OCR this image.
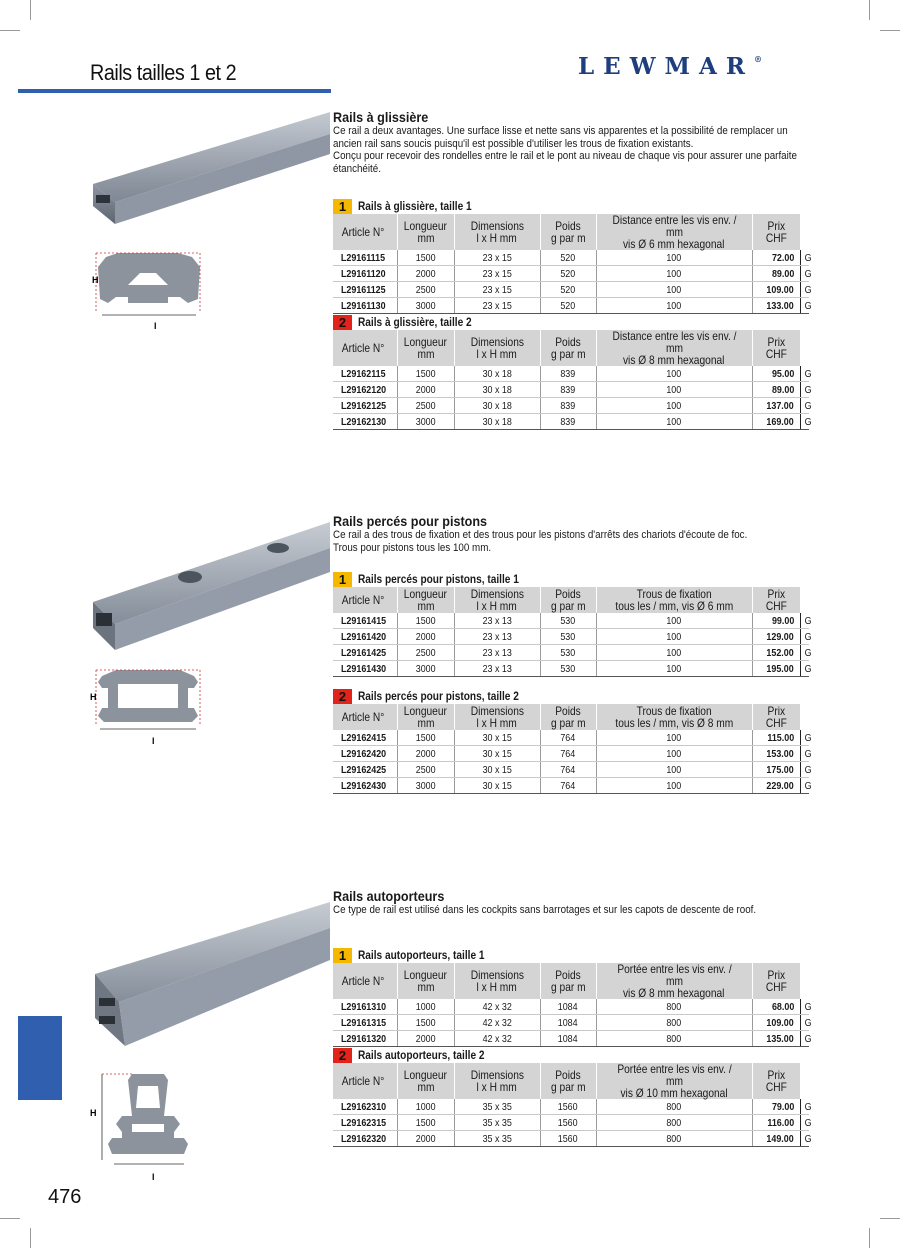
Rails tailles 1 et 2	LEWMAR®
476
H
l
H
l
H
l

Rails à glissière

Ce rail a deux avantages. Une surface lisse et nette sans vis apparentes et la possibilité de remplacer un

ancien rail sans soucis puisqu'il est possible d'utiliser les trous de fixation existants.

Conçu pour recevoir des rondelles entre le rail et le pont au niveau de chaque vis pour assurer une parfaite

étanchéité.

Rails percés pour pistons

Ce rail a des trous de fixation et des trous pour les pistons d'arrêts des chariots d'écoute de foc.

Trous pour pistons tous les 100 mm.

Rails autoporteurs

Ce type de rail est utilisé dans les cockpits sans barrotages et sur les capots de descente de roof.

1	Rails à glissière, taille 1
Article N°	Longueur
mm	Dimensions
l x H mm	Poids
g par m	Distance entre les vis env. / mm
vis Ø 6 mm hexagonal	Prix
CHF	
L29161115	1500	23 x 15	520	100	72.00	G
L29161120	2000	23 x 15	520	100	89.00	G
L29161125	2500	23 x 15	520	100	109.00	G
L29161130	3000	23 x 15	520	100	133.00	G
2	Rails à glissière, taille 2
Article N°	Longueur
mm	Dimensions
l x H mm	Poids
g par m	Distance entre les vis env. / mm
vis Ø 8 mm hexagonal	Prix
CHF	
L29162115	1500	30 x 18	839	100	95.00	G
L29162120	2000	30 x 18	839	100	89.00	G
L29162125	2500	30 x 18	839	100	137.00	G
L29162130	3000	30 x 18	839	100	169.00	G
1	Rails percés pour pistons, taille 1
Article N°	Longueur
mm	Dimensions
l x H mm	Poids
g par m	Trous de fixation
tous les / mm, vis Ø 6 mm	Prix
CHF	
L29161415	1500	23 x 13	530	100	99.00	G
L29161420	2000	23 x 13	530	100	129.00	G
L29161425	2500	23 x 13	530	100	152.00	G
L29161430	3000	23 x 13	530	100	195.00	G
2	Rails percés pour pistons, taille 2
Article N°	Longueur
mm	Dimensions
l x H mm	Poids
g par m	Trous de fixation
tous les / mm, vis Ø 8 mm	Prix
CHF	
L29162415	1500	30 x 15	764	100	115.00	G
L29162420	2000	30 x 15	764	100	153.00	G
L29162425	2500	30 x 15	764	100	175.00	G
L29162430	3000	30 x 15	764	100	229.00	G
1	Rails autoporteurs, taille 1
Article N°	Longueur
mm	Dimensions
l x H mm	Poids
g par m	Portée entre les vis env. / mm
vis Ø 8 mm hexagonal	Prix
CHF	
L29161310	1000	42 x 32	1084	800	68.00	G
L29161315	1500	42 x 32	1084	800	109.00	G
L29161320	2000	42 x 32	1084	800	135.00	G
2	Rails autoporteurs, taille 2
Article N°	Longueur
mm	Dimensions
l x H mm	Poids
g par m	Portée entre les vis env. / mm
vis Ø 10 mm hexagonal	Prix
CHF	
L29162310	1000	35 x 35	1560	800	79.00	G
L29162315	1500	35 x 35	1560	800	116.00	G
L29162320	2000	35 x 35	1560	800	149.00	G
